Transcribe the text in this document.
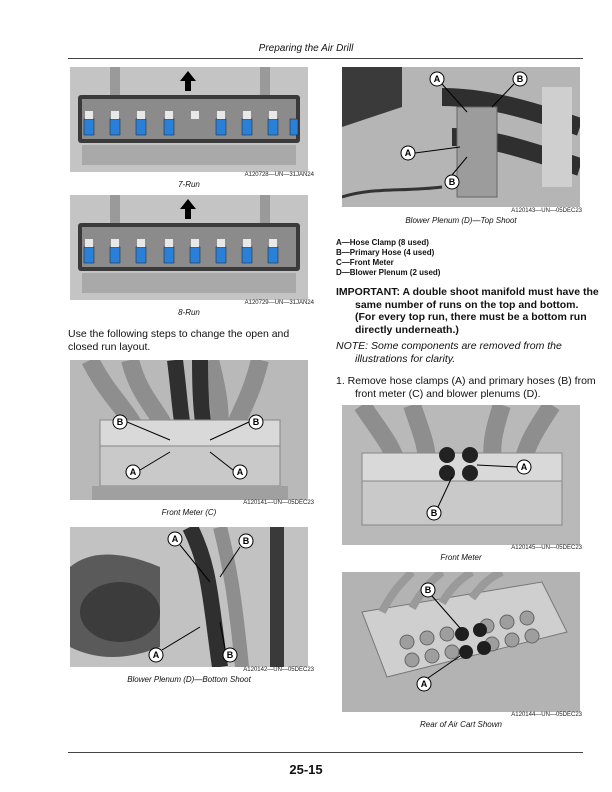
Preparing the Air Drill
A120728—UN—31JAN24
7-Run
A120729—UN—31JAN24
8-Run
Use the following steps to change the open and closed run layout.
B	B
A	A
A120141—UN—05DEC23
Front Meter (C)
A	B
A	B
A120142—UN—05DEC23
Blower Plenum (D)—Bottom Shoot
A	B
A
B
A120143—UN—05DEC23
Blower Plenum (D)—Top Shoot
A—Hose Clamp (8 used)
B—Primary Hose (4 used)
C—Front Meter
D—Blower Plenum (2 used)
IMPORTANT: A double shoot manifold must have the same number of runs on the top and bottom. (For every top run, there must be a bottom run directly underneath.)
NOTE: Some components are removed from the illustrations for clarity.
1. Remove hose clamps (A) and primary hoses (B) from front meter (C) and blower plenums (D).
A
B
A120145—UN—05DEC23
Front Meter
B
A
A120144—UN—05DEC23
Rear of Air Cart Shown
25-15
